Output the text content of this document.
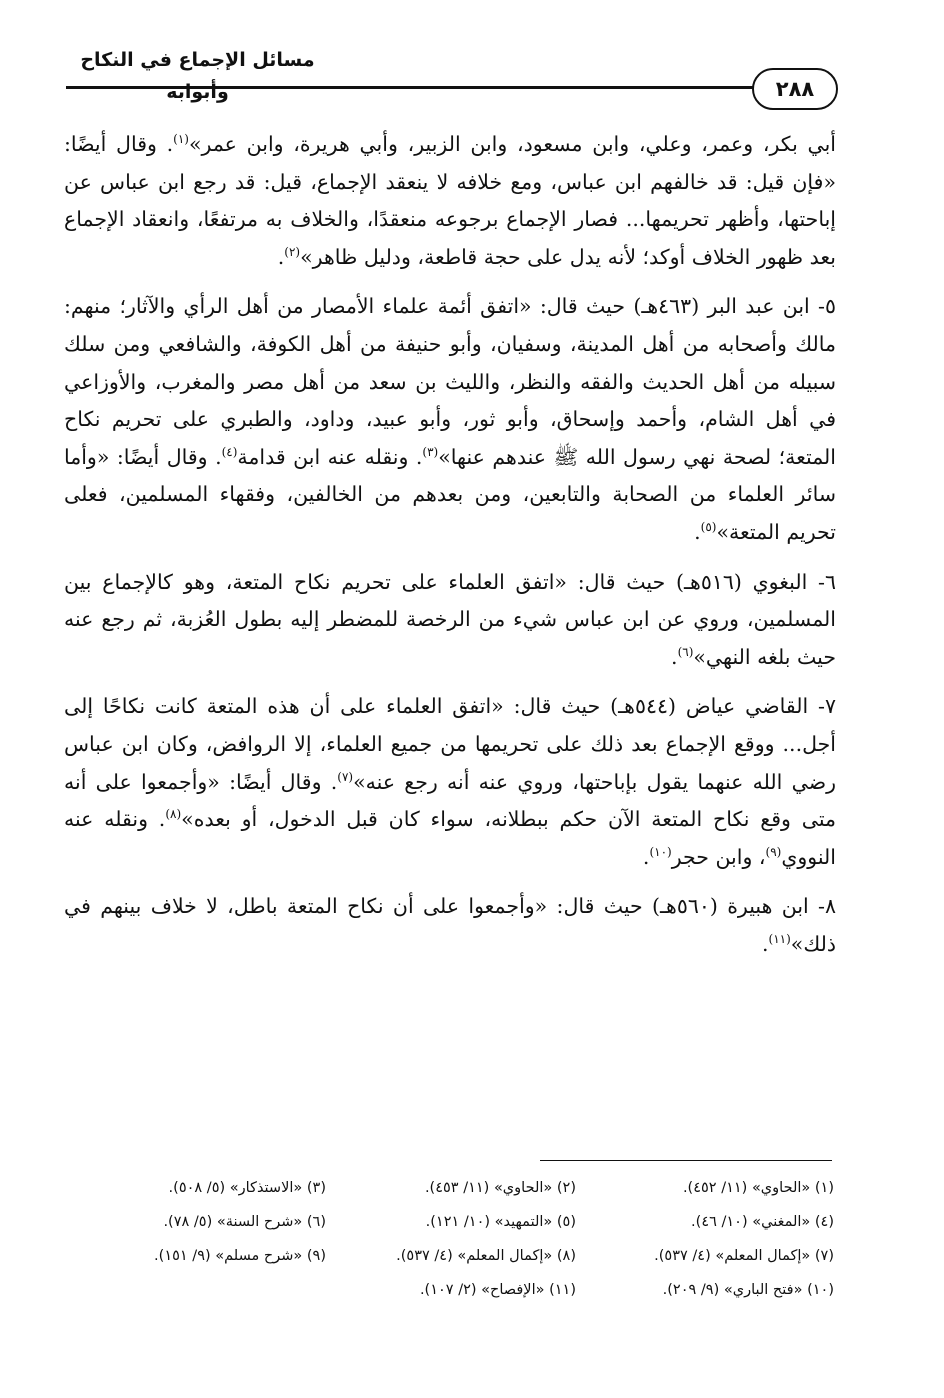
مسائل الإجماع في النكاح وأبوابه	٢٨٨

أبي بكر، وعمر، وعلي، وابن مسعود، وابن الزبير، وأبي هريرة، وابن عمر»$^{(١)}$. وقال أيضًا: «فإن قيل: قد خالفهم ابن عباس، ومع خلافه لا ينعقد الإجماع، قيل: قد رجع ابن عباس عن إباحتها، وأظهر تحريمها... فصار الإجماع برجوعه منعقدًا، والخلاف به مرتفعًا، وانعقاد الإجماع بعد ظهور الخلاف أوكد؛ لأنه يدل على حجة قاطعة، ودليل ظاهر»$^{(٢)}$.

٥- ابن عبد البر (٤٦٣هـ) حيث قال: «اتفق أئمة علماء الأمصار من أهل الرأي والآثار؛ منهم: مالك وأصحابه من أهل المدينة، وسفيان، وأبو حنيفة من أهل الكوفة، والشافعي ومن سلك سبيله من أهل الحديث والفقه والنظر، والليث بن سعد من أهل مصر والمغرب، والأوزاعي في أهل الشام، وأحمد وإسحاق، وأبو ثور، وأبو عبيد، وداود، والطبري على تحريم نكاح المتعة؛ لصحة نهي رسول الله ﷺ عندهم عنها»$^{(٣)}$. ونقله عنه ابن قدامة$^{(٤)}$. وقال أيضًا: «وأما سائر العلماء من الصحابة والتابعين، ومن بعدهم من الخالفين، وفقهاء المسلمين، فعلى تحريم المتعة»$^{(٥)}$.

٦- البغوي (٥١٦هـ) حيث قال: «اتفق العلماء على تحريم نكاح المتعة، وهو كالإجماع بين المسلمين، وروي عن ابن عباس شيء من الرخصة للمضطر إليه بطول العُزبة، ثم رجع عنه حيث بلغه النهي»$^{(٦)}$.

٧- القاضي عياض (٥٤٤هـ) حيث قال: «اتفق العلماء على أن هذه المتعة كانت نكاحًا إلى أجل... ووقع الإجماع بعد ذلك على تحريمها من جميع العلماء، إلا الروافض، وكان ابن عباس رضي الله عنهما يقول بإباحتها، وروي عنه أنه رجع عنه»$^{(٧)}$. وقال أيضًا: «وأجمعوا على أنه متى وقع نكاح المتعة الآن حكم ببطلانه، سواء كان قبل الدخول، أو بعده»$^{(٨)}$. ونقله عنه النووي$^{(٩)}$، وابن حجر$^{(١٠)}$.

٨- ابن هبيرة (٥٦٠هـ) حيث قال: «وأجمعوا على أن نكاح المتعة باطل، لا خلاف بينهم في ذلك»$^{(١١)}$.

(١) «الحاوي» (١١/ ٤٥٢).
(٢) «الحاوي» (١١/ ٤٥٣).
(٣) «الاستذكار» (٥/ ٥٠٨).
(٤) «المغني» (١٠/ ٤٦).
(٥) «التمهيد» (١٠/ ١٢١).
(٦) «شرح السنة» (٥/ ٧٨).
(٧) «إكمال المعلم» (٤/ ٥٣٧).
(٨) «إكمال المعلم» (٤/ ٥٣٧).
(٩) «شرح مسلم» (٩/ ١٥١).
(١٠) «فتح الباري» (٩/ ٢٠٩).
(١١) «الإفصاح» (٢/ ١٠٧).
